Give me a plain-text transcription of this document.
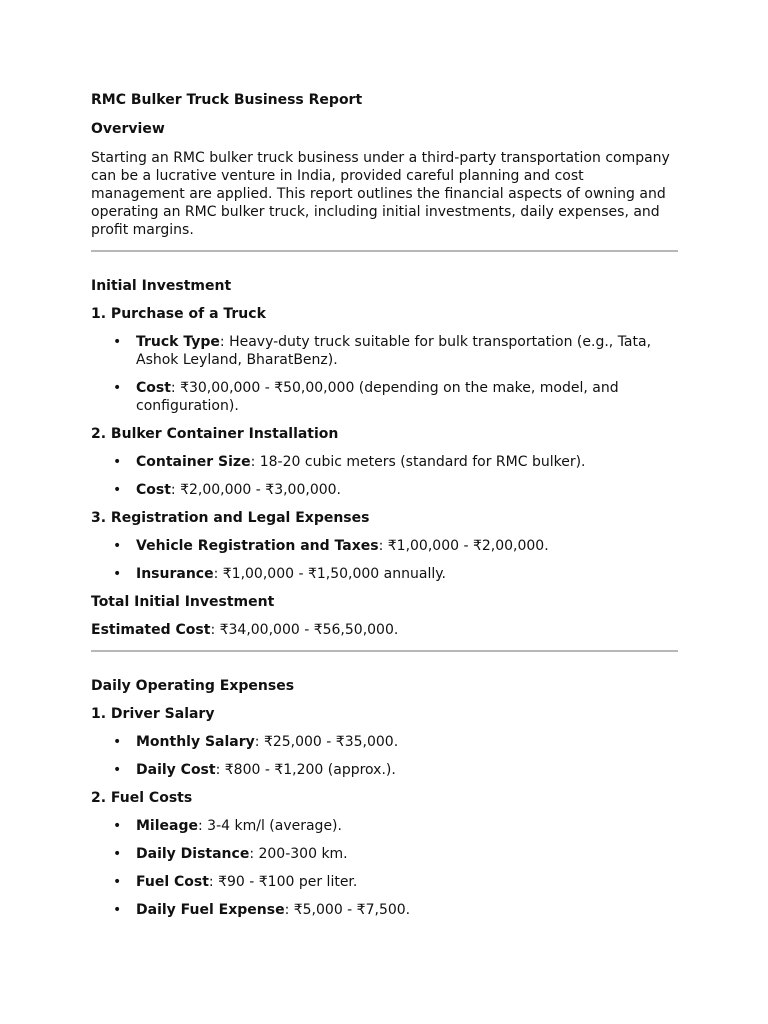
RMC Bulker Truck Business Report
Overview

Starting an RMC bulker truck business under a third-party transportation company can be a lucrative venture in India, provided careful planning and cost management are applied. This report outlines the financial aspects of owning and operating an RMC bulker truck, including initial investments, daily expenses, and profit margins.

Initial Investment
1. Purchase of a Truck
• Truck Type: Heavy-duty truck suitable for bulk transportation (e.g., Tata, Ashok Leyland, BharatBenz).
• Cost: ₹30,00,000 - ₹50,00,000 (depending on the make, model, and configuration).
2. Bulker Container Installation
• Container Size: 18-20 cubic meters (standard for RMC bulker).
• Cost: ₹2,00,000 - ₹3,00,000.
3. Registration and Legal Expenses
• Vehicle Registration and Taxes: ₹1,00,000 - ₹2,00,000.
• Insurance: ₹1,00,000 - ₹1,50,000 annually.
Total Initial Investment
Estimated Cost: ₹34,00,000 - ₹56,50,000.
Daily Operating Expenses
1. Driver Salary
• Monthly Salary: ₹25,000 - ₹35,000.
• Daily Cost: ₹800 - ₹1,200 (approx.).
2. Fuel Costs
• Mileage: 3-4 km/l (average).
• Daily Distance: 200-300 km.
• Fuel Cost: ₹90 - ₹100 per liter.
• Daily Fuel Expense: ₹5,000 - ₹7,500.
